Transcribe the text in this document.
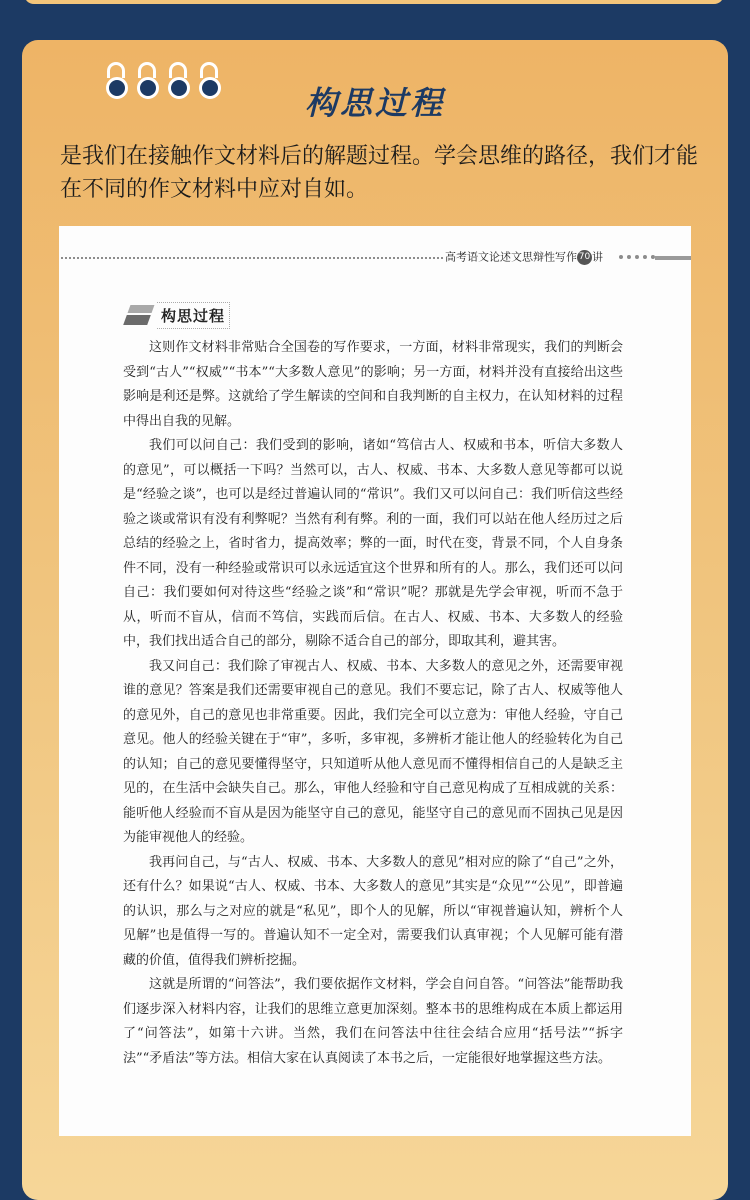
构思过程
是我们在接触作文材料后的解题过程。学会思维的路径，我们才能在不同的作文材料中应对自如。
高考语文论述文思辩性写作 70 讲
构思过程

这则作文材料非常贴合全国卷的写作要求，一方面，材料非常现实，我们的判断会受到“古人”“权威”“书本”“大多数人意见”的影响；另一方面，材料并没有直接给出这些影响是利还是弊。这就给了学生解读的空间和自我判断的自主权力，在认知材料的过程中得出自我的见解。

我们可以问自己：我们受到的影响，诸如“笃信古人、权威和书本，听信大多数人的意见”，可以概括一下吗？当然可以，古人、权威、书本、大多数人意见等都可以说是“经验之谈”，也可以是经过普遍认同的“常识”。我们又可以问自己：我们听信这些经验之谈或常识有没有利弊呢？当然有利有弊。利的一面，我们可以站在他人经历过之后总结的经验之上，省时省力，提高效率；弊的一面，时代在变，背景不同，个人自身条件不同，没有一种经验或常识可以永远适宜这个世界和所有的人。那么，我们还可以问自己：我们要如何对待这些“经验之谈”和“常识”呢？那就是先学会审视，听而不急于从，听而不盲从，信而不笃信，实践而后信。在古人、权威、书本、大多数人的经验中，我们找出适合自己的部分，剔除不适合自己的部分，即取其利，避其害。

我又问自己：我们除了审视古人、权威、书本、大多数人的意见之外，还需要审视谁的意见？答案是我们还需要审视自己的意见。我们不要忘记，除了古人、权威等他人的意见外，自己的意见也非常重要。因此，我们完全可以立意为：审他人经验，守自己意见。他人的经验关键在于“审”，多听，多审视，多辨析才能让他人的经验转化为自己的认知；自己的意见要懂得坚守，只知道听从他人意见而不懂得相信自己的人是缺乏主见的，在生活中会缺失自己。那么，审他人经验和守自己意见构成了互相成就的关系：能听他人经验而不盲从是因为能坚守自己的意见，能坚守自己的意见而不固执己见是因为能审视他人的经验。

我再问自己，与“古人、权威、书本、大多数人的意见”相对应的除了“自己”之外，还有什么？如果说“古人、权威、书本、大多数人的意见”其实是“众见”“公见”，即普遍的认识，那么与之对应的就是“私见”，即个人的见解，所以“审视普遍认知，辨析个人见解”也是值得一写的。普遍认知不一定全对，需要我们认真审视；个人见解可能有潜藏的价值，值得我们辨析挖掘。

这就是所谓的“问答法”，我们要依据作文材料，学会自问自答。“问答法”能帮助我们逐步深入材料内容，让我们的思维立意更加深刻。整本书的思维构成在本质上都运用了“问答法”，如第十六讲。当然，我们在问答法中往往会结合应用“括号法”“拆字法”“矛盾法”等方法。相信大家在认真阅读了本书之后，一定能很好地掌握这些方法。
